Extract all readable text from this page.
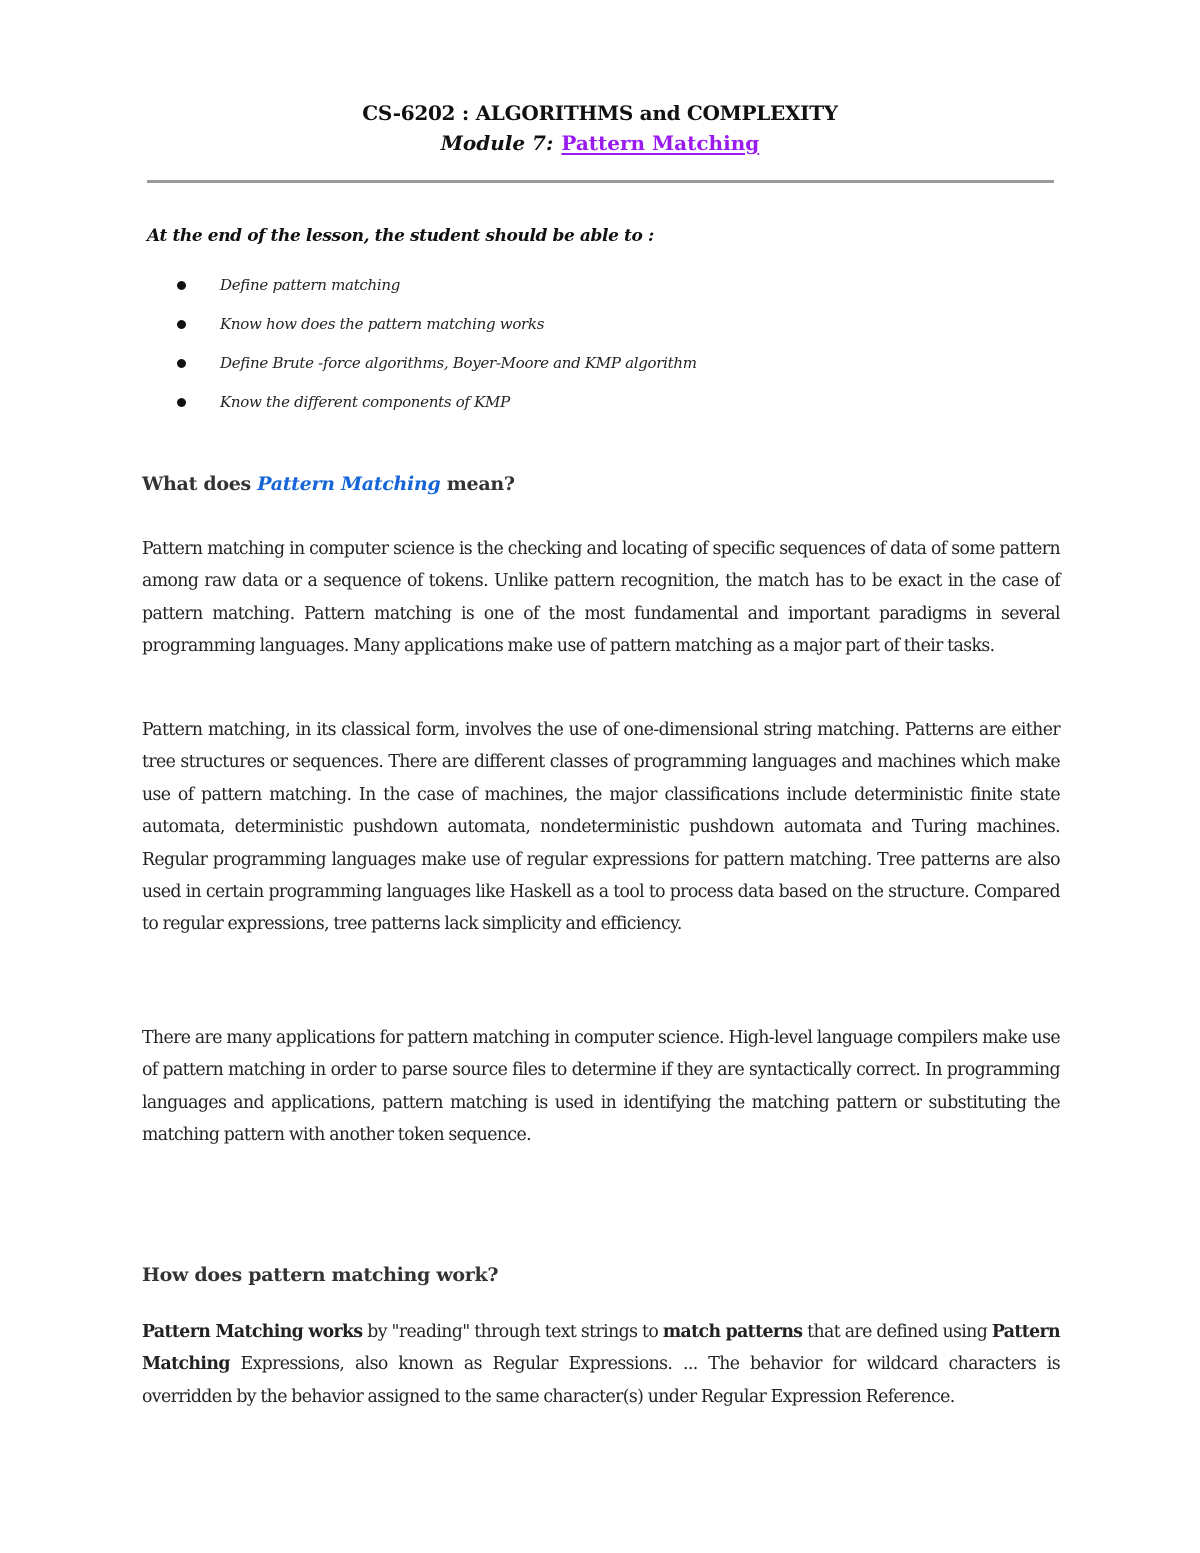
CS-6202 : ALGORITHMS and COMPLEXITY
Module 7: Pattern Matching
At the end of the lesson, the student should be able to :
Define pattern matching
Know how does the pattern matching works
Define Brute -force algorithms, Boyer-Moore and KMP algorithm
Know the different components of KMP
What does Pattern Matching mean?

Pattern matching in computer science is the checking and locating of specific sequences of data of some pattern among raw data or a sequence of tokens. Unlike pattern recognition, the match has to be exact in the case of pattern matching. Pattern matching is one of the most fundamental and important paradigms in several programming languages. Many applications make use of pattern matching as a major part of their tasks.

Pattern matching, in its classical form, involves the use of one-dimensional string matching. Patterns are either tree structures or sequences. There are different classes of programming languages and machines which make use of pattern matching. In the case of machines, the major classifications include deterministic finite state automata, deterministic pushdown automata, nondeterministic pushdown automata and Turing machines. Regular programming languages make use of regular expressions for pattern matching. Tree patterns are also used in certain programming languages like Haskell as a tool to process data based on the structure. Compared to regular expressions, tree patterns lack simplicity and efficiency.

There are many applications for pattern matching in computer science. High-level language compilers make use of pattern matching in order to parse source files to determine if they are syntactically correct. In programming languages and applications, pattern matching is used in identifying the matching pattern or substituting the matching pattern with another token sequence.

How does pattern matching work?

Pattern Matching works by "reading" through text strings to match patterns that are defined using Pattern Matching Expressions, also known as Regular Expressions. ... The behavior for wildcard characters is overridden by the behavior assigned to the same character(s) under Regular Expression Reference.
